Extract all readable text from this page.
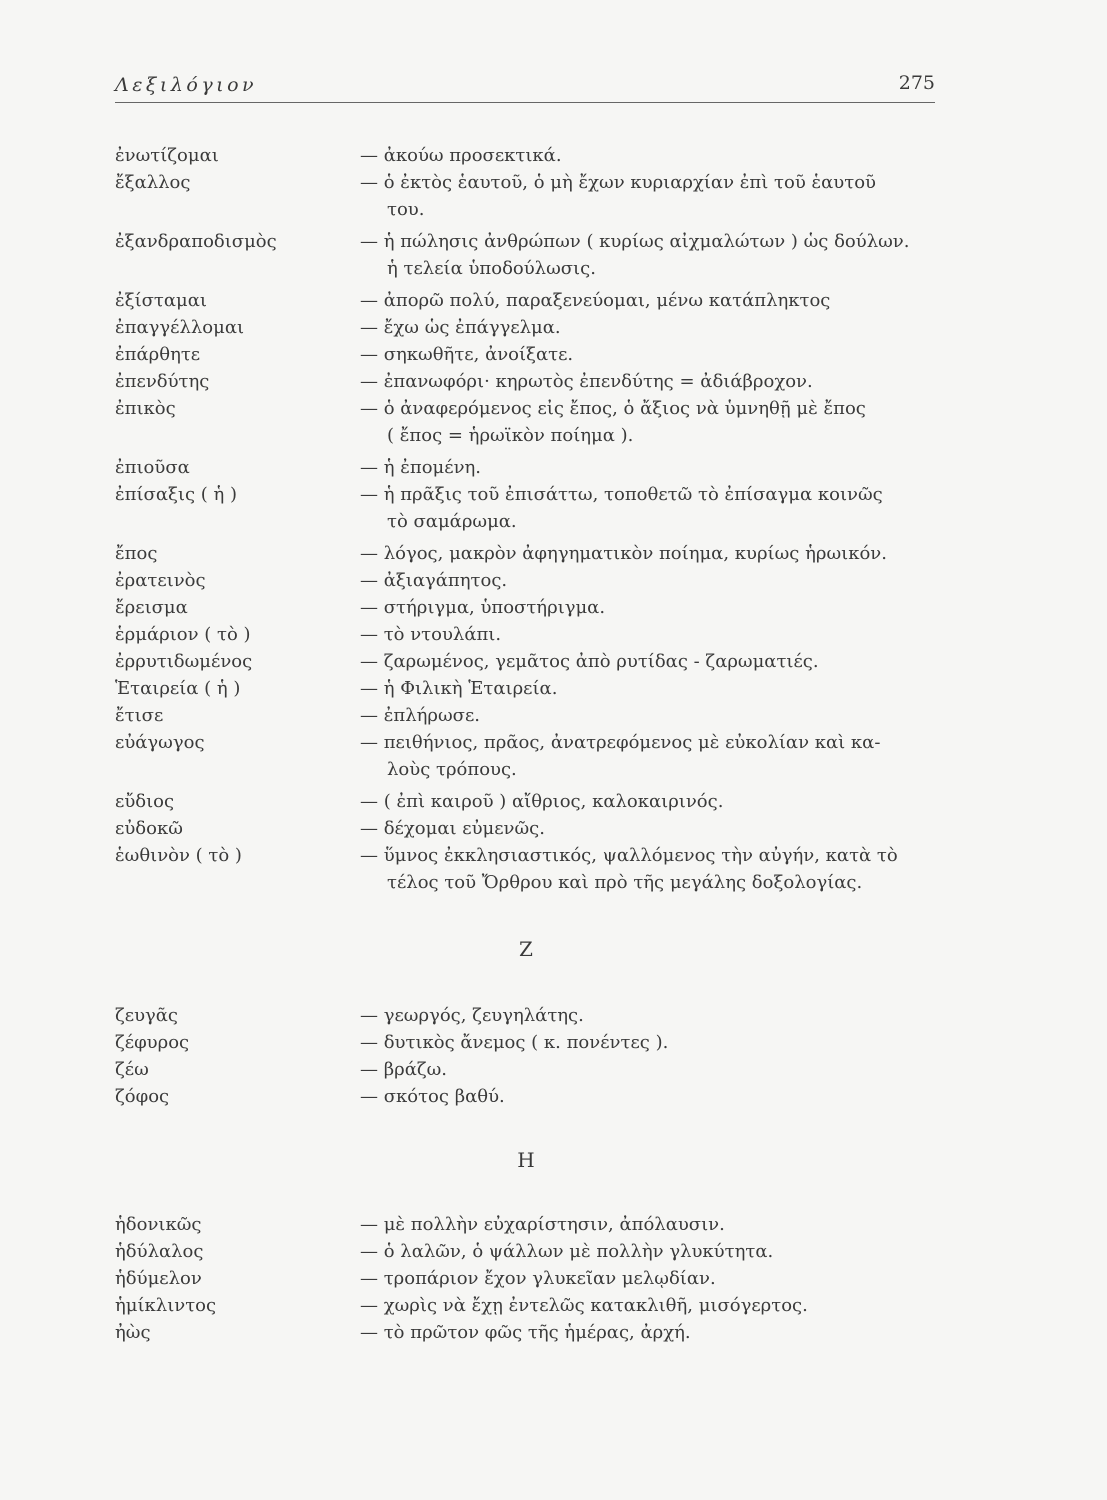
Λεξιλόγιον	275
ἐνωτίζομαι	— ἀκούω προσεκτικά.
ἔξαλλος	— ὁ ἐκτὸς ἑαυτοῦ, ὁ μὴ ἔχων κυριαρχίαν ἐπὶ τοῦ ἑαυτοῦ
του.
ἐξανδραποδισμὸς	— ἡ πώλησις ἀνθρώπων ( κυρίως αἰχμαλώτων ) ὡς δούλων.
ἡ τελεία ὑποδούλωσις.
ἐξίσταμαι	— ἀπορῶ πολύ, παραξενεύομαι, μένω κατάπληκτος
ἐπαγγέλλομαι	— ἔχω ὡς ἐπάγγελμα.
ἐπάρθητε	— σηκωθῆτε, ἀνοίξατε.
ἐπενδύτης	— ἐπανωφόρι· κηρωτὸς ἐπενδύτης = ἀδιάβροχον.
ἐπικὸς	— ὁ ἀναφερόμενος εἰς ἔπος, ὁ ἄξιος νὰ ὑμνηθῇ μὲ ἔπος
( ἔπος = ἡρωϊκὸν ποίημα ).
ἐπιοῦσα	— ἡ ἐπομένη.
ἐπίσαξις ( ἡ )	— ἡ πρᾶξις τοῦ ἐπισάττω, τοποθετῶ τὸ ἐπίσαγμα κοινῶς
τὸ σαμάρωμα.
ἔπος	— λόγος, μακρὸν ἀφηγηματικὸν ποίημα, κυρίως ἡρωικόν.
ἐρατεινὸς	— ἀξιαγάπητος.
ἔρεισμα	— στήριγμα, ὑποστήριγμα.
ἑρμάριον ( τὸ )	— τὸ ντουλάπι.
ἐρρυτιδωμένος	— ζαρωμένος, γεμᾶτος ἀπὸ ρυτίδας - ζαρωματιές.
Ἑταιρεία ( ἡ )	— ἡ Φιλικὴ Ἑταιρεία.
ἔτισε	— ἐπλήρωσε.
εὐάγωγος	— πειθήνιος, πρᾶος, ἀνατρεφόμενος μὲ εὐκολίαν καὶ κα-
λοὺς τρόπους.
εὔδιος	— ( ἐπὶ καιροῦ ) αἴθριος, καλοκαιρινός.
εὐδοκῶ	— δέχομαι εὐμενῶς.
ἑωθινὸν ( τὸ )	— ὕμνος ἐκκλησιαστικός, ψαλλόμενος τὴν αὐγήν, κατὰ τὸ
τέλος τοῦ Ὄρθρου καὶ πρὸ τῆς μεγάλης δοξολογίας.
Ζ
ζευγᾶς	— γεωργός, ζευγηλάτης.
ζέφυρος	— δυτικὸς ἄνεμος ( κ. πονέντες ).
ζέω	— βράζω.
ζόφος	— σκότος βαθύ.
Η
ἡδονικῶς	— μὲ πολλὴν εὐχαρίστησιν, ἀπόλαυσιν.
ἡδύλαλος	— ὁ λαλῶν, ὁ ψάλλων μὲ πολλὴν γλυκύτητα.
ἡδύμελον	— τροπάριον ἔχον γλυκεῖαν μελῳδίαν.
ἡμίκλιντος	— χωρὶς νὰ ἔχῃ ἐντελῶς κατακλιθῆ, μισόγερτος.
ἠὼς	— τὸ πρῶτον φῶς τῆς ἡμέρας, ἀρχή.
